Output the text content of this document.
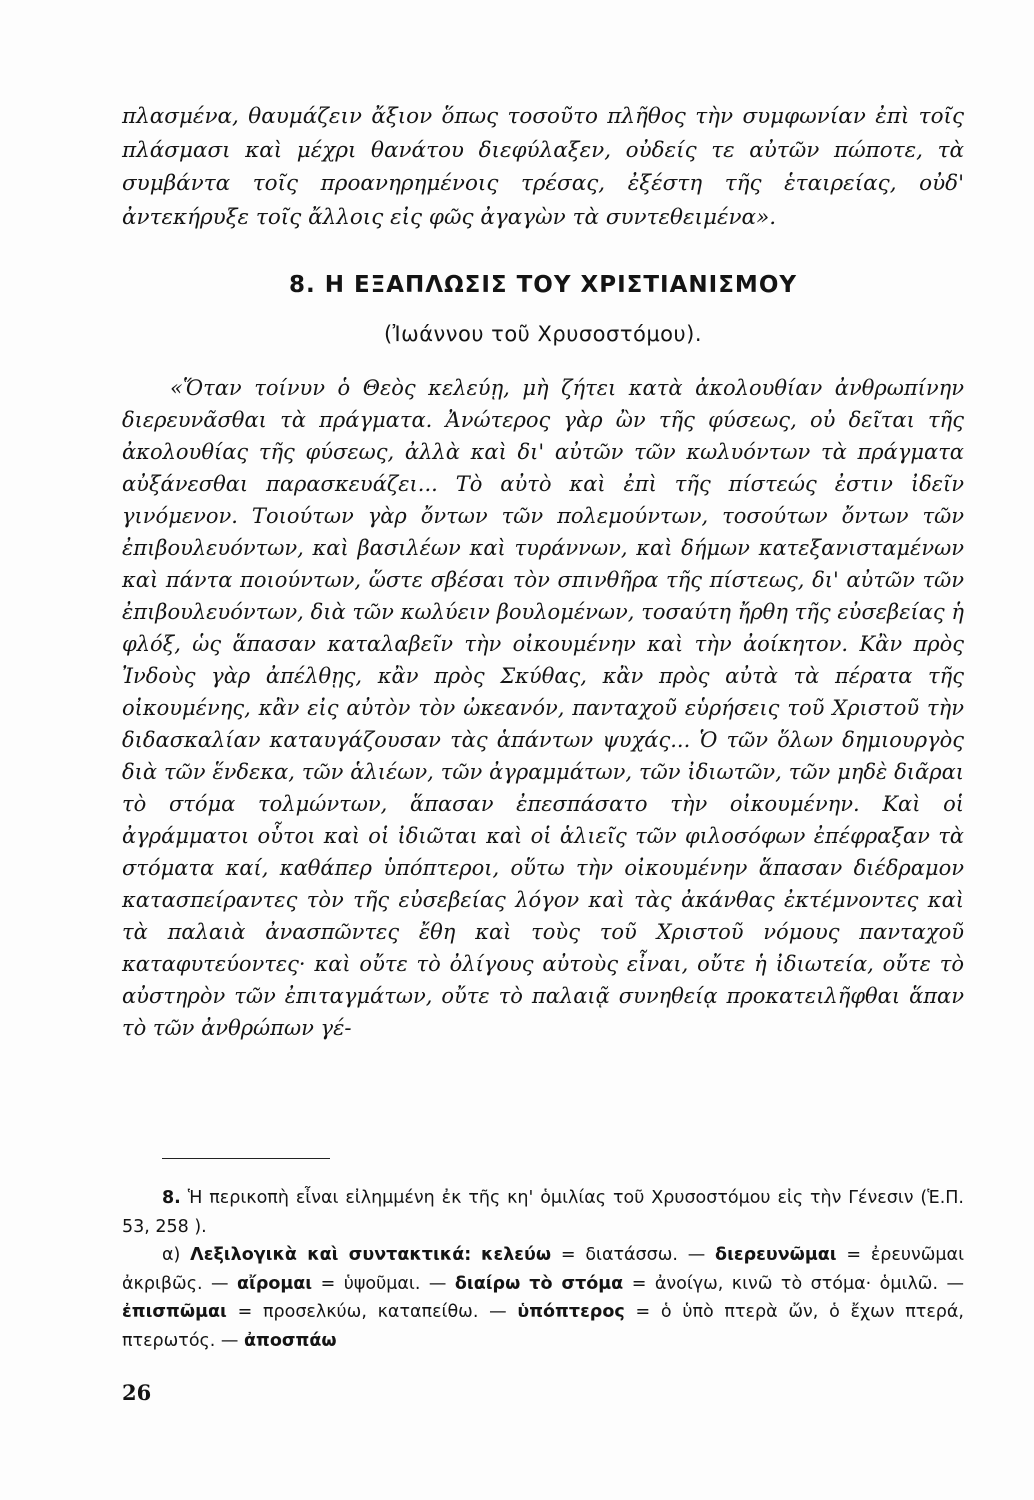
πλασμένα, θαυμάζειν ἄξιον ὅπως τοσοῦτο πλῆθος τὴν συμφωνίαν ἐπὶ τοῖς πλάσμασι καὶ μέχρι θανάτου διεφύλαξεν, οὐδείς τε αὐτῶν πώποτε, τὰ συμβάντα τοῖς προανηρημένοις τρέσας, ἐξέστη τῆς ἑταιρείας, οὐδ' ἀντεκήρυξε τοῖς ἄλλοις εἰς φῶς ἀγαγὼν τὰ συντεθειμένα».

8. Η ΕΞΑΠΛΩΣΙΣ ΤΟΥ ΧΡΙΣΤΙΑΝΙΣΜΟΥ
(Ἰωάννου τοῦ Χρυσοστόμου).

«Ὅταν τοίνυν ὁ Θεὸς κελεύῃ, μὴ ζήτει κατὰ ἀκολουθίαν ἀνθρωπίνην διερευνᾶσθαι τὰ πράγματα. Ἀνώτερος γὰρ ὢν τῆς φύσεως, οὐ δεῖται τῆς ἀκολουθίας τῆς φύσεως, ἀλλὰ καὶ δι' αὐτῶν τῶν κωλυόντων τὰ πράγματα αὐξάνεσθαι παρασκευάζει... Τὸ αὐτὸ καὶ ἐπὶ τῆς πίστεώς ἐστιν ἰδεῖν γινόμενον. Τοιούτων γὰρ ὄντων τῶν πολεμούντων, τοσούτων ὄντων τῶν ἐπιβουλευόντων, καὶ βασιλέων καὶ τυράννων, καὶ δήμων κατεξανισταμένων καὶ πάντα ποιούντων, ὥστε σβέσαι τὸν σπινθῆρα τῆς πίστεως, δι' αὐτῶν τῶν ἐπιβουλευόντων, διὰ τῶν κωλύειν βουλομένων, τοσαύτη ἤρθη τῆς εὐσεβείας ἡ φλόξ, ὡς ἅπασαν καταλαβεῖν τὴν οἰκουμένην καὶ τὴν ἀοίκητον. Κἂν πρὸς Ἰνδοὺς γὰρ ἀπέλθῃς, κἂν πρὸς Σκύθας, κἂν πρὸς αὐτὰ τὰ πέρατα τῆς οἰκουμένης, κἂν εἰς αὐτὸν τὸν ὠκεανόν, πανταχοῦ εὑρήσεις τοῦ Χριστοῦ τὴν διδασκαλίαν καταυγάζουσαν τὰς ἁπάντων ψυχάς... Ὁ τῶν ὅλων δημιουργὸς διὰ τῶν ἕνδεκα, τῶν ἁλιέων, τῶν ἀγραμμάτων, τῶν ἰδιωτῶν, τῶν μηδὲ διᾶραι τὸ στόμα τολμώντων, ἅπασαν ἐπεσπάσατο τὴν οἰκουμένην. Καὶ οἱ ἀγράμματοι οὗτοι καὶ οἱ ἰδιῶται καὶ οἱ ἁλιεῖς τῶν φιλοσόφων ἐπέφραξαν τὰ στόματα καί, καθάπερ ὑπόπτεροι, οὕτω τὴν οἰκουμένην ἅπασαν διέδραμον κατασπείραντες τὸν τῆς εὐσεβείας λόγον καὶ τὰς ἀκάνθας ἐκτέμνοντες καὶ τὰ παλαιὰ ἀνασπῶντες ἔθη καὶ τοὺς τοῦ Χριστοῦ νόμους πανταχοῦ καταφυτεύοντες· καὶ οὔτε τὸ ὀλίγους αὐτοὺς εἶναι, οὔτε ἡ ἰδιωτεία, οὔτε τὸ αὐστηρὸν τῶν ἐπιταγμάτων, οὔτε τὸ παλαιᾷ συνηθείᾳ προκατειλῆφθαι ἅπαν τὸ τῶν ἀνθρώπων γέ-

8. Ἡ περικοπὴ εἶναι εἰλημμένη ἐκ τῆς κη' ὁμιλίας τοῦ Χρυσοστόμου εἰς τὴν Γένεσιν (Ἑ.Π. 53, 258 ).

α) Λεξιλογικὰ καὶ συντακτικά: κελεύω = διατάσσω. — διερευνῶμαι = ἐρευνῶμαι ἀκριβῶς. — αἴρομαι = ὑψοῦμαι. — διαίρω τὸ στόμα = ἀνοίγω, κινῶ τὸ στόμα· ὁμιλῶ. — ἐπισπῶμαι = προσελκύω, καταπείθω. — ὑπόπτερος = ὁ ὑπὸ πτερὰ ὤν, ὁ ἔχων πτερά, πτερωτός. — ἀποσπάω

26
